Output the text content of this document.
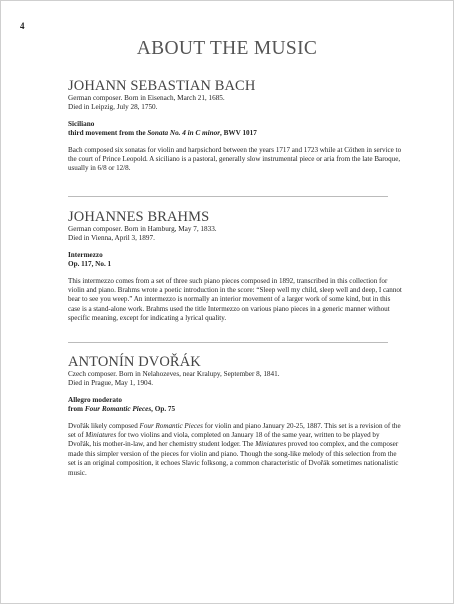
4
ABOUT THE MUSIC
JOHANN SEBASTIAN BACH
German composer. Born in Eisenach, March 21, 1685.
Died in Leipzig, July 28, 1750.
Siciliano
third movement from the Sonata No. 4 in C minor, BWV 1017
Bach composed six sonatas for violin and harpsichord between the years 1717 and 1723 while at Cöthen in service to the court of Prince Leopold. A siciliano is a pastoral, generally slow instrumental piece or aria from the late Baroque, usually in 6/8 or 12/8.
JOHANNES BRAHMS
German composer. Born in Hamburg, May 7, 1833.
Died in Vienna, April 3, 1897.
Intermezzo
Op. 117, No. 1
This intermezzo comes from a set of three such piano pieces composed in 1892, transcribed in this collection for violin and piano. Brahms wrote a poetic introduction in the score: “Sleep well my child, sleep well and deep, I cannot bear to see you weep.” An intermezzo is normally an interior movement of a larger work of some kind, but in this case is a stand-alone work. Brahms used the title Intermezzo on various piano pieces in a generic manner without specific meaning, except for indicating a lyrical quality.
ANTONÍN DVOŘÁK
Czech composer. Born in Nelahozeves, near Kralupy, September 8, 1841.
Died in Prague, May 1, 1904.
Allegro moderato
from Four Romantic Pieces, Op. 75
Dvořák likely composed Four Romantic Pieces for violin and piano January 20-25, 1887. This set is a revision of the set of Miniatures for two violins and viola, completed on January 18 of the same year, written to be played by Dvořák, his mother-in-law, and her chemistry student lodger. The Miniatures proved too complex, and the composer made this simpler version of the pieces for violin and piano. Though the song-like melody of this selection from the set is an original composition, it echoes Slavic folksong, a common characteristic of Dvořák sometimes nationalistic music.
